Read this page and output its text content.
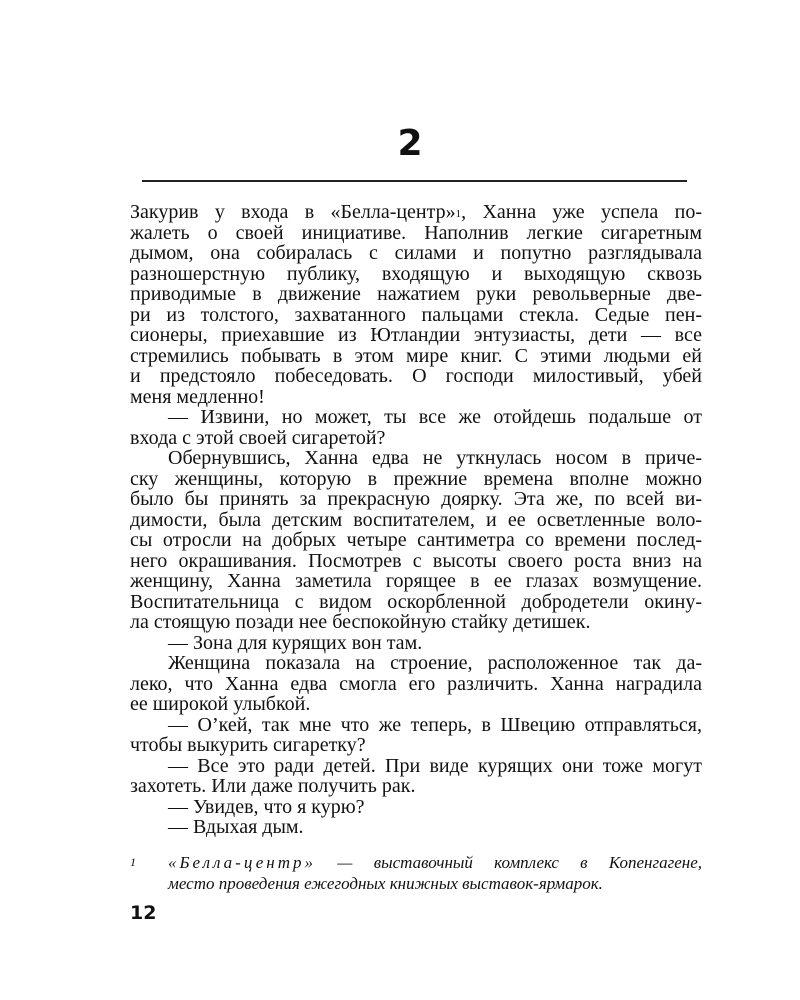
2
Закурив у входа в «Белла-центр»$^1$, Ханна уже успела по-
жалеть о своей инициативе. Наполнив легкие сигаретным
дымом, она собиралась с силами и попутно разглядывала
разношерстную публику, входящую и выходящую сквозь
приводимые в движение нажатием руки револьверные две-
ри из толстого, захватанного пальцами стекла. Седые пен-
сионеры, приехавшие из Ютландии энтузиасты, дети — все
стремились побывать в этом мире книг. С этими людьми ей
и предстояло побеседовать. О господи милостивый, убей
меня медленно!
— Извини, но может, ты все же отойдешь подальше от
входа с этой своей сигаретой?
Обернувшись, Ханна едва не уткнулась носом в приче-
ску женщины, которую в прежние времена вполне можно
было бы принять за прекрасную доярку. Эта же, по всей ви-
димости, была детским воспитателем, и ее осветленные воло-
сы отросли на добрых четыре сантиметра со времени послед-
него окрашивания. Посмотрев с высоты своего роста вниз на
женщину, Ханна заметила горящее в ее глазах возмущение.
Воспитательница с видом оскорбленной добродетели окину-
ла стоящую позади нее беспокойную стайку детишек.
— Зона для курящих вон там.
Женщина показала на строение, расположенное так да-
леко, что Ханна едва смогла его различить. Ханна наградила
ее широкой улыбкой.
— О’кей, так мне что же теперь, в Швецию отправляться,
чтобы выкурить сигаретку?
— Все это ради детей. При виде курящих они тоже могут
захотеть. Или даже получить рак.
— Увидев, что я курю?
— Вдыхая дым.
1 «Белла-центр» — выставочный комплекс в Копенгагене,
место проведения ежегодных книжных выставок-ярмарок.
12
